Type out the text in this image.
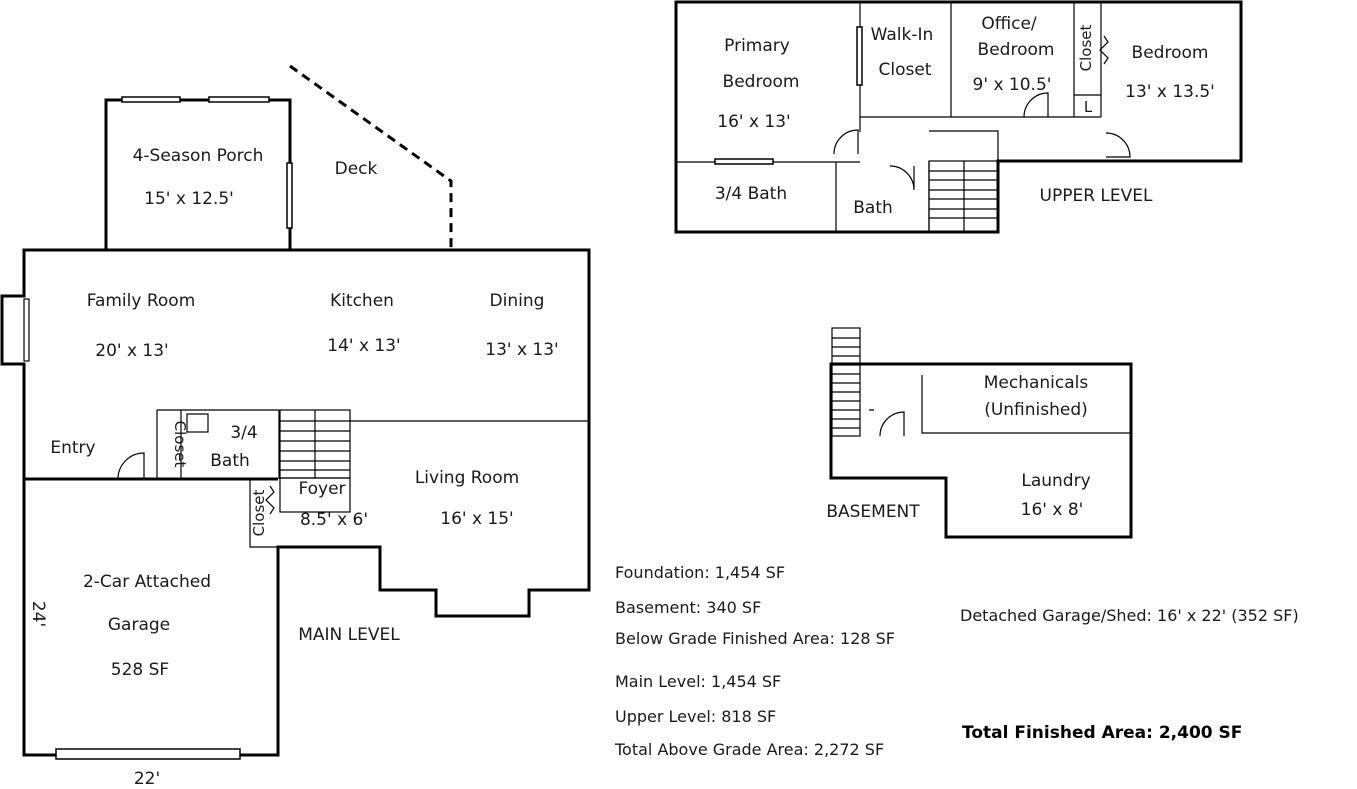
4-Season Porch
15' x 12.5'
Deck
Family Room
20' x 13'
Kitchen
14' x 13'
Dining
13' x 13'
Entry	Closet 3/4
Bath
Foyer
8.5' x 6'
Closet
Living Room
16' x 15'
2-Car Attached
Garage
528 SF
24'
22'
MAIN LEVEL
Primary
Bedroom
16' x 13'
Walk-In
Closet
Office/
Bedroom
9' x 10.5'
Closet
L
Bedroom
13' x 13.5'
3/4 Bath
Bath
UPPER LEVEL
Mechanicals
(Unfinished)
Laundry
16' x 8'
BASEMENT
Foundation: 1,454 SF
Basement: 340 SF
Below Grade Finished Area: 128 SF
Main Level: 1,454 SF
Upper Level: 818 SF
Total Above Grade Area: 2,272 SF
Detached Garage/Shed: 16' x 22' (352 SF)
Total Finished Area: 2,400 SF
